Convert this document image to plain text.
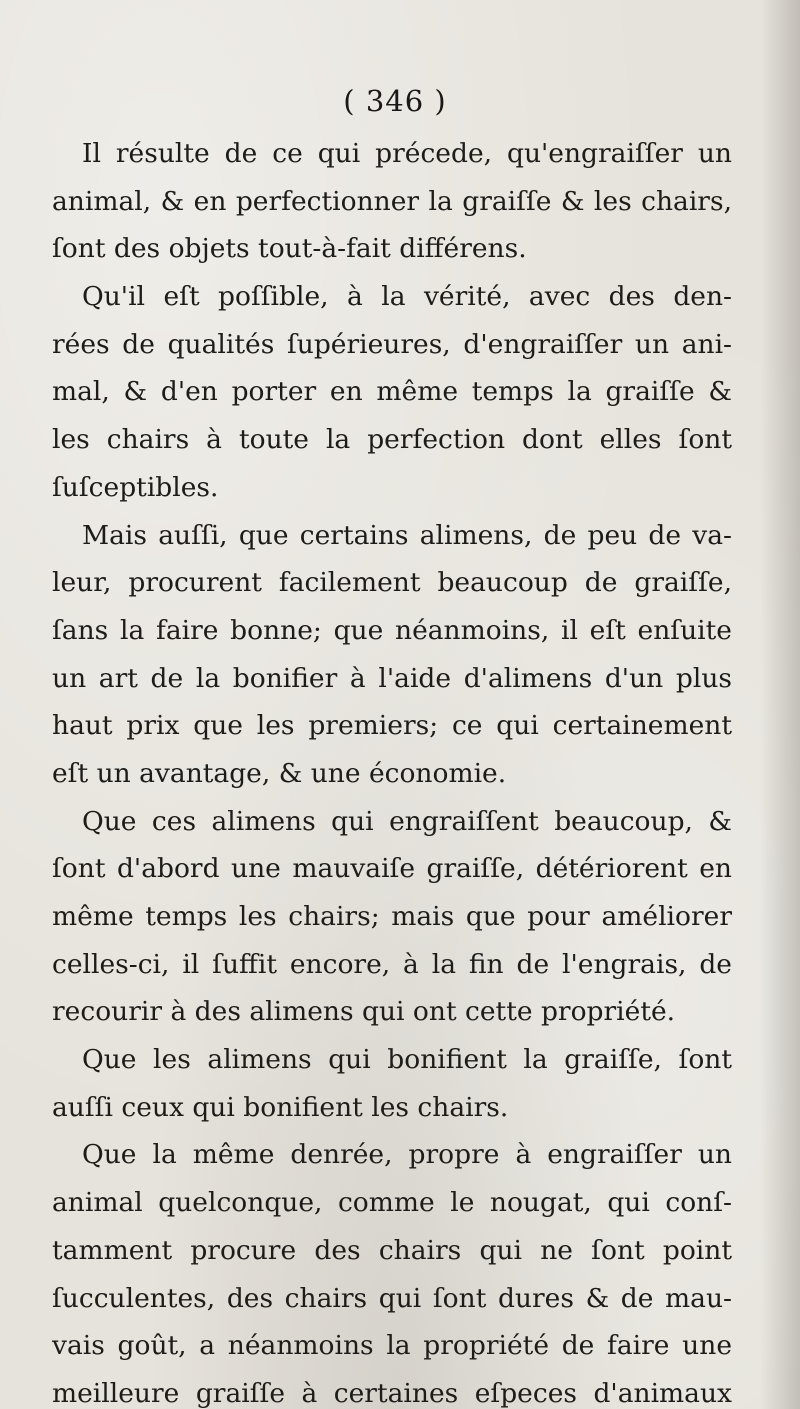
( 346 )
Il résulte de ce qui précede, qu'engraiſſer un
animal, & en perfectionner la graiſſe & les chairs,
ſont des objets tout-à-fait différens.
Qu'il eſt poſſible, à la vérité, avec des den-
rées de qualités ſupérieures, d'engraiſſer un ani-
mal, & d'en porter en même temps la graiſſe &
les chairs à toute la perfection dont elles ſont
ſuſceptibles.
Mais auſſi, que certains alimens, de peu de va-
leur, procurent facilement beaucoup de graiſſe,
ſans la faire bonne; que néanmoins, il eſt enſuite
un art de la bonifier à l'aide d'alimens d'un plus
haut prix que les premiers; ce qui certainement
eſt un avantage, & une économie.
Que ces alimens qui engraiſſent beaucoup, &
ſont d'abord une mauvaiſe graiſſe, détériorent en
même temps les chairs; mais que pour améliorer
celles-ci, il ſuffit encore, à la fin de l'engrais, de
recourir à des alimens qui ont cette propriété.
Que les alimens qui bonifient la graiſſe, ſont
auſſi ceux qui bonifient les chairs.
Que la même denrée, propre à engraiſſer un
animal quelconque, comme le nougat, qui conſ-
tamment procure des chairs qui ne ſont point
ſucculentes, des chairs qui ſont dures & de mau-
vais goût, a néanmoins la propriété de faire une
meilleure graiſſe à certaines eſpeces d'animaux
